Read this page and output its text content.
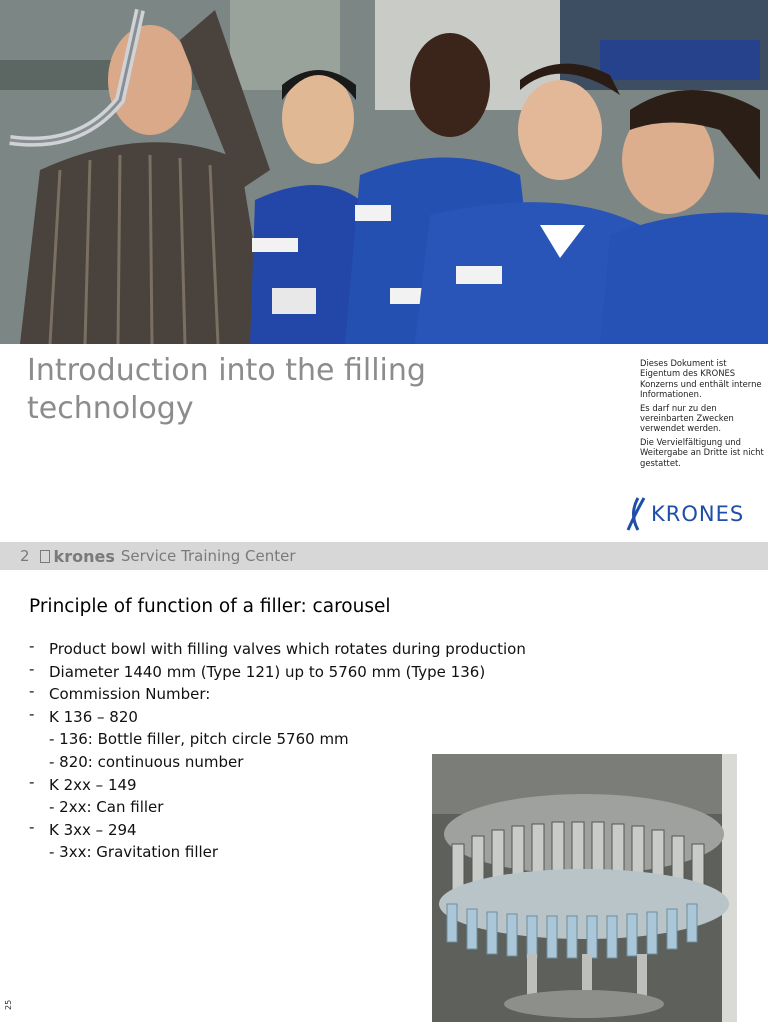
Introduction into the filling technology

Dieses Dokument ist Eigentum des KRONES Konzerns und enthält interne Informationen.

Es darf nur zu den vereinbarten Zwecken verwendet werden.

Die Vervielfältigung und Weitergabe an Dritte ist nicht gestattet.

KRONES
2 krones Service Training Center
Principle of function of a filler: carousel
- Product bowl with filling valves which rotates during production
- Diameter 1440 mm (Type 121) up to 5760 mm (Type 136)
- Commission Number:
- K 136 – 820
- 136: Bottle filler, pitch circle 5760 mm
- 820: continuous number
- K 2xx – 149
- 2xx: Can filler
- K 3xx – 294
- 3xx: Gravitation filler
25
